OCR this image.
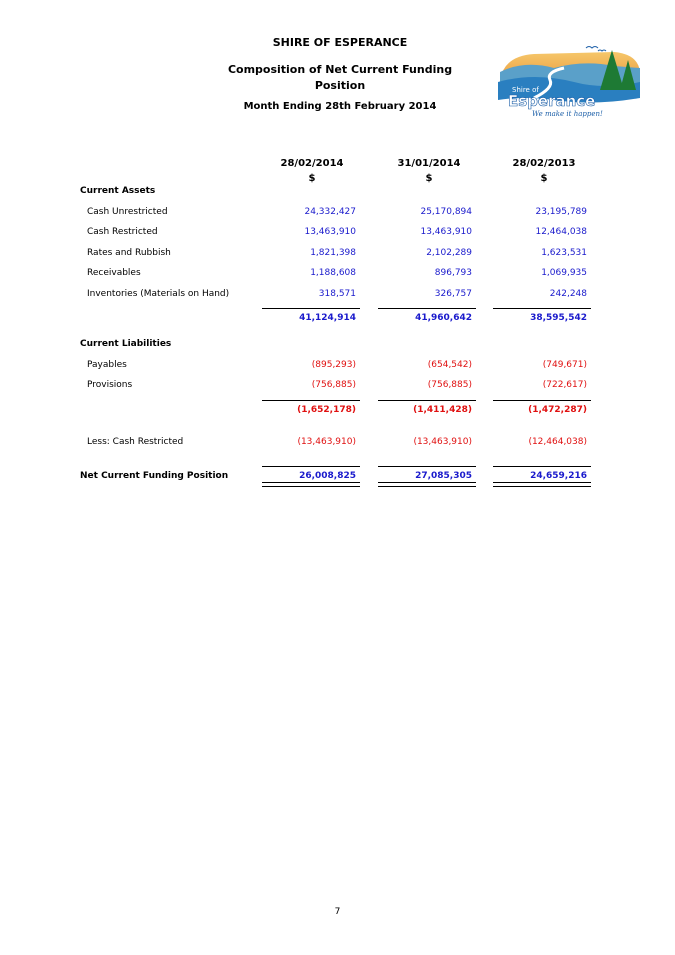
SHIRE OF ESPERANCE
Composition of Net Current Funding
Position
Month Ending 28th February 2014
Shire of
Esperance
We make it happen!
28/02/2014
$
31/01/2014
$
28/02/2013
$
Current Assets
Cash Unrestricted	24,332,427	25,170,894	23,195,789
Cash Restricted	13,463,910	13,463,910	12,464,038
Rates and Rubbish	1,821,398	2,102,289	1,623,531
Receivables	1,188,608	896,793	1,069,935
Inventories (Materials on Hand)	318,571	326,757	242,248
41,124,914	41,960,642	38,595,542
Current Liabilities
Payables	(895,293)	(654,542)	(749,671)
Provisions	(756,885)	(756,885)	(722,617)
(1,652,178)	(1,411,428)	(1,472,287)
Less: Cash Restricted	(13,463,910)	(13,463,910)	(12,464,038)
Net Current Funding Position	26,008,825	27,085,305	24,659,216
7
